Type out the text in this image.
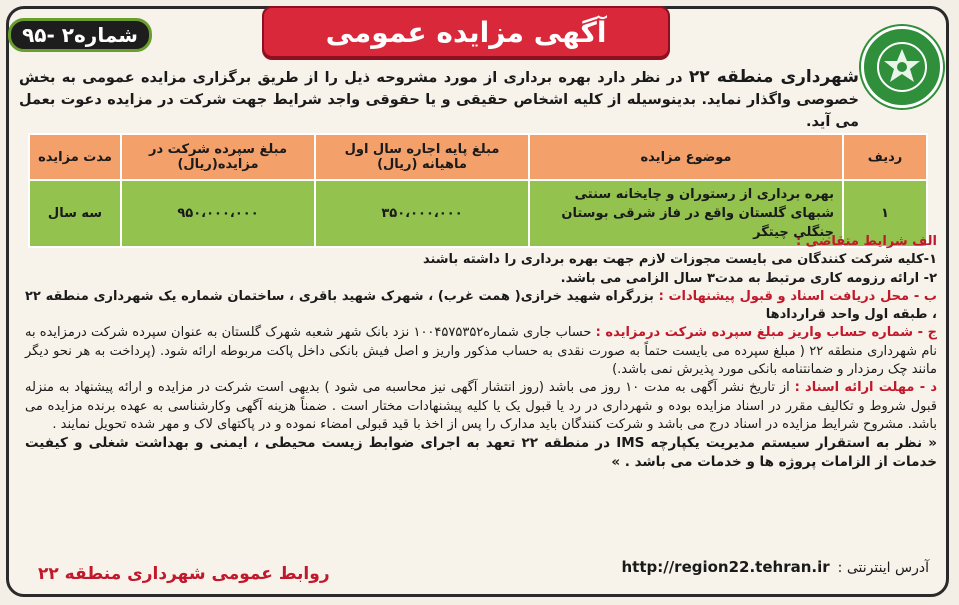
آگهی مزایده عمومی
شماره۲ -۹۵
شهرداری منطقه ۲۲ در نظر دارد بهره برداری از مورد مشروحه ذیل را از طریق برگزاری مزایده عمومی به بخش خصوصی واگذار نماید. بدینوسیله از کلیه اشخاص حقیقی و یا حقوقی واجد شرایط جهت شرکت در مزایده دعوت بعمل می آید.
ردیف	موضوع مزایده	مبلغ پایه اجاره سال اول ماهیانه (ریال)	مبلغ سپرده شرکت در مزایده(ریال)	مدت مزایده
۱	بهره برداری از رستوران و چایخانه سنتی شبهای گلستان واقع در فاز شرقی بوستان جنگلی چیتگر	۳۵۰،۰۰۰،۰۰۰	۹۵۰،۰۰۰،۰۰۰	سه سال

الف شرایط متقاضی :

۱-کلیه شرکت کنندگان می بایست مجوزات لازم جهت بهره برداری را داشته باشند

۲- ارائه رزومه کاری مرتبط به مدت۳ سال الزامی می باشد.

ب - محل دریافت اسناد و قبول پیشنهادات : بزرگراه شهید خرازی( همت غرب) ، شهرک شهید باقری ، ساختمان شماره یک شهرداری منطقه ۲۲ ، طبقه اول واحد قراردادها

ج - شماره حساب واریز مبلغ سپرده شرکت درمزایده : حساب جاری شماره۱۰۰۴۵۷۵۳۵۲ نزد بانک شهر شعبه شهرک گلستان به عنوان سپرده شرکت درمزایده به نام شهرداری منطقه ۲۲ ( مبلغ سپرده می بایست حتماً به صورت نقدی به حساب مذکور واریز و اصل فیش بانکی داخل پاکت مربوطه ارائه شود. (پرداخت به هر نحو دیگر مانند چک رمزدار و ضمانتنامه بانکی مورد پذیرش نمی باشد.)

د - مهلت ارائه اسناد : از تاریخ نشر آگهی به مدت ۱۰ روز می باشد (روز انتشار آگهی نیز محاسبه می شود ) بدیهی است شرکت در مزایده و ارائه پیشنهاد به منزله قبول شروط و تکالیف مقرر در اسناد مزایده بوده و شهرداری در رد یا قبول یک یا کلیه پیشنهادات مختار است . ضمناً هزینه آگهی وکارشناسی به عهده برنده مزایده می باشد. مشروح شرایط مزایده در اسناد درج می باشد و شرکت کنندگان باید مدارک را پس از اخذ با قید قبولی امضاء نموده و در پاکتهای لاک و مهر شده تحویل نمایند .

« نظر به استقرار سیستم مدیریت یکپارچه IMS در منطقه ۲۲ تعهد به اجرای ضوابط زیست محیطی ، ایمنی و بهداشت شغلی و کیفیت خدمات از الزامات پروژه ها و خدمات می باشد . »

آدرس اینترنتی :
http://region22.tehran.ir
روابط عمومی شهرداری منطقه ۲۲
